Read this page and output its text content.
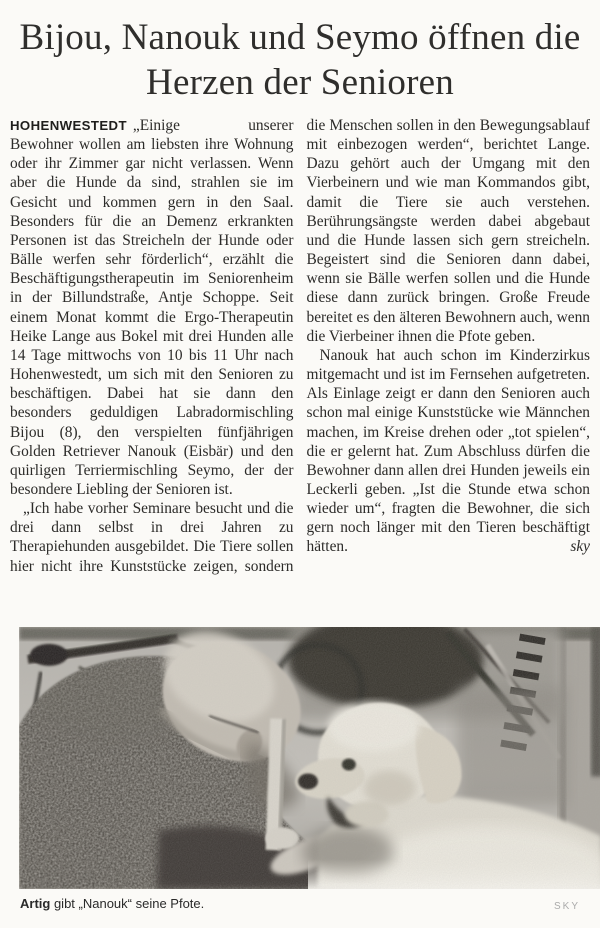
Bijou, Nanouk und Seymo öffnen die Herzen der Senioren

HOHENWESTEDT „Einige unserer Bewohner wollen am liebsten ihre Wohnung oder ihr Zimmer gar nicht verlassen. Wenn aber die Hunde da sind, strahlen sie im Gesicht und kommen gern in den Saal. Besonders für die an Demenz erkrankten Personen ist das Streicheln der Hunde oder Bälle werfen sehr förderlich“, erzählt die Beschäftigungstherapeutin im Seniorenheim in der Billundstraße, Antje Schoppe. Seit einem Monat kommt die Ergo-Therapeutin Heike Lange aus Bokel mit drei Hunden alle 14 Tage mittwochs von 10 bis 11 Uhr nach Hohenwestedt, um sich mit den Senioren zu beschäftigen. Dabei hat sie dann den besonders geduldigen Labradormischling Bijou (8), den verspielten fünfjährigen Golden Retriever Nanouk (Eisbär) und den quirligen Terriermischling Seymo, der der besondere Liebling der Senioren ist.

„Ich habe vorher Seminare besucht und die drei dann selbst in drei Jahren zu Therapiehunden ausgebildet. Die Tiere sollen hier nicht ihre Kunststücke zeigen, sondern die Menschen sollen in den Bewegungsablauf mit einbezogen werden“, berichtet Lange. Dazu gehört auch der Umgang mit den Vierbeinern und wie man Kommandos gibt, damit die Tiere sie auch verstehen. Berührungsängste werden dabei abgebaut und die Hunde lassen sich gern streicheln. Begeistert sind die Senioren dann dabei, wenn sie Bälle werfen sollen und die Hunde diese dann zurück bringen. Große Freude bereitet es den älteren Bewohnern auch, wenn die Vierbeiner ihnen die Pfote geben.

Nanouk hat auch schon im Kinderzirkus mitgemacht und ist im Fernsehen aufgetreten. Als Einlage zeigt er dann den Senioren auch schon mal einige Kunststücke wie Männchen machen, im Kreise drehen oder „tot spielen“, die er gelernt hat. Zum Abschluss dürfen die Bewohner dann allen drei Hunden jeweils ein Leckerli geben. „Ist die Stunde etwa schon wieder um“, fragten die Bewohner, die sich gern noch länger mit den Tieren beschäftigt hätten.	sky

SKY
Artig gibt „Nanouk“ seine Pfote.
